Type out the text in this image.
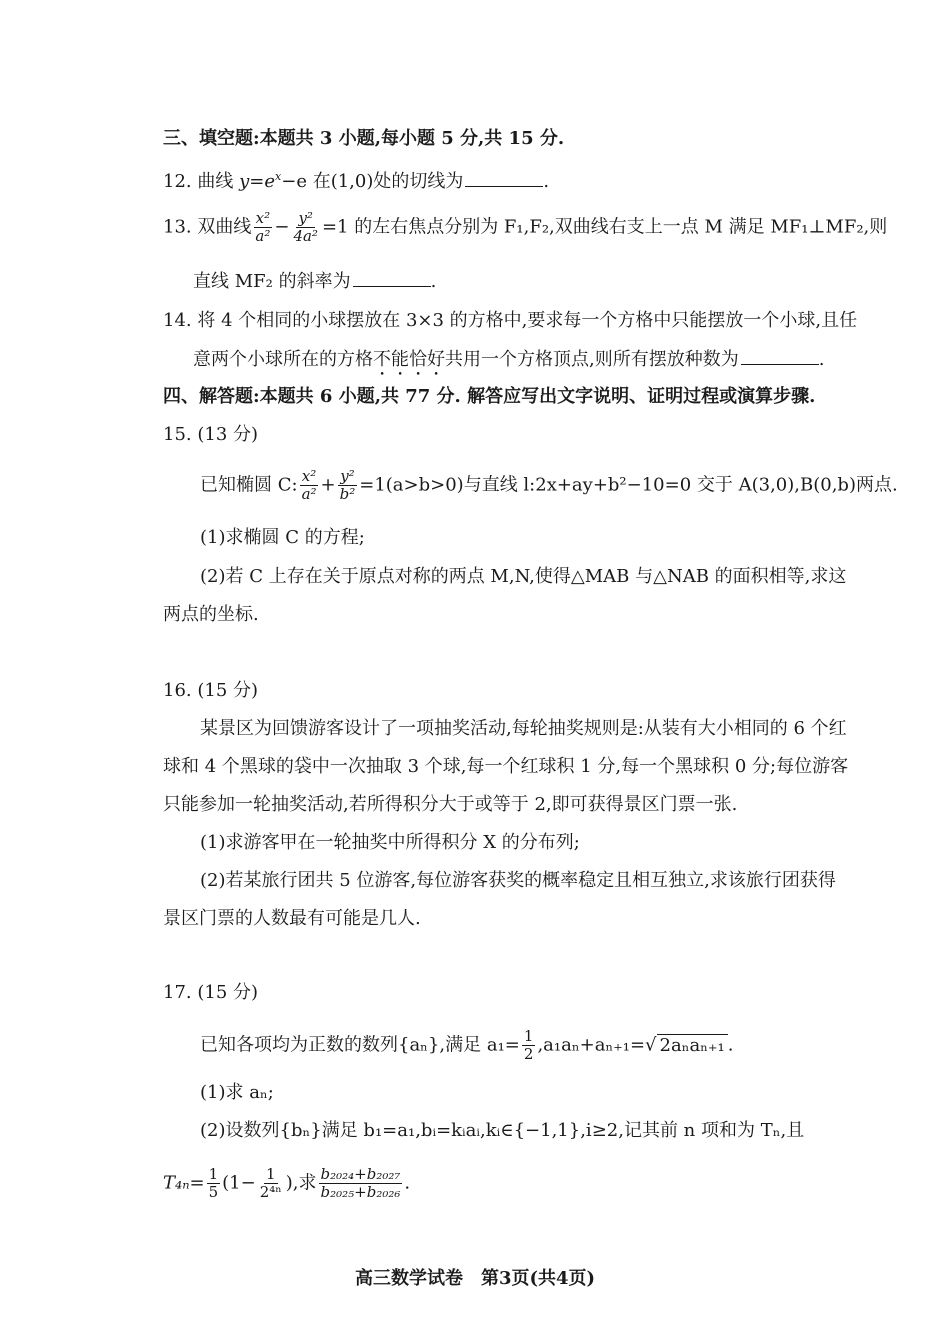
三、填空题:本题共 3 小题,每小题 5 分,共 15 分.
12. 曲线 $y=e^x-e$ 在(1,0)处的切线为	.
13. 双曲线 $\frac{\text{x²}}{\text{a²}} - \frac{\text{y²}}{\text{4a²}} =1$ 的左右焦点分别为 F₁,F₂,双曲线右支上一点 M 满足 MF₁⊥MF₂,则
直线 MF₂ 的斜率为	.
14. 将 4 个相同的小球摆放在 3×3 的方格中,要求每一个方格中只能摆放一个小球,且任
意两个小球所在的方格不能恰好共用一个方格顶点,则所有摆放种数为	.
四、解答题:本题共 6 小题,共 77 分. 解答应写出文字说明、证明过程或演算步骤.
15. (13 分)
已知椭圆 C: $\frac{\text{x²}}{\text{a²}} + \frac{\text{y²}}{\text{b²}} =1(a>b>0)$与直线 l:2x+ay+b²−10=0 交于 A(3,0),B(0,b)两点.
(1)求椭圆 C 的方程;
(2)若 C 上存在关于原点对称的两点 M,N,使得△MAB 与△NAB 的面积相等,求这
两点的坐标.
16. (15 分)
某景区为回馈游客设计了一项抽奖活动,每轮抽奖规则是:从装有大小相同的 6 个红
球和 4 个黑球的袋中一次抽取 3 个球,每一个红球积 1 分,每一个黑球积 0 分;每位游客
只能参加一轮抽奖活动,若所得积分大于或等于 2,即可获得景区门票一张.
(1)求游客甲在一轮抽奖中所得积分 X 的分布列;
(2)若某旅行团共 5 位游客,每位游客获奖的概率稳定且相互独立,求该旅行团获得
景区门票的人数最有可能是几人.
17. (15 分)
已知各项均为正数的数列{aₙ},满足 $a_1= \frac{1}{2} ,a_1a_n+a_{n+1}=√$ 2aₙaₙ₊₁ .
(1)求 aₙ;
(2)设数列{bₙ}满足 b₁=a₁,bᵢ=kᵢaᵢ,kᵢ∈{−1,1},i≥2,记其前 n 项和为 Tₙ,且
$T_{4n}= \frac{1}{5} (1- \frac{1}{\text{2⁴ⁿ}}$ ),求 $\frac{\text{b₂₀₂₄+b₂₀₂₇}}{\text{b₂₀₂₅+b₂₀₂₆}}$ .
高三数学试卷　第3页(共4页)
